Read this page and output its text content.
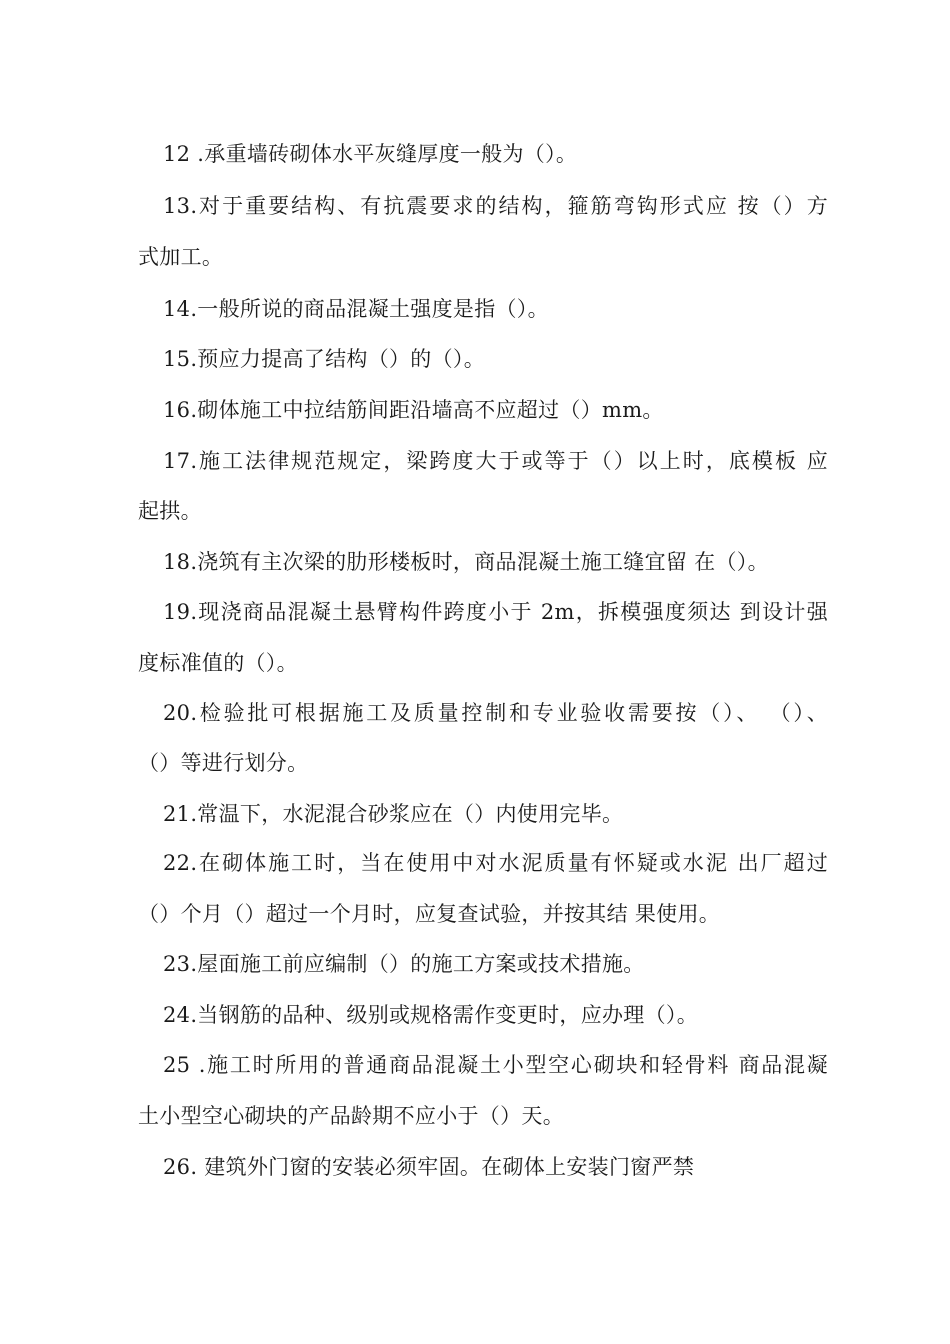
12 .承重墙砖砌体水平灰缝厚度一般为（）。
13.对于重要结构、有抗震要求的结构，箍筋弯钩形式应 按（）方
式加工。
14.一般所说的商品混凝土强度是指（）。
15.预应力提高了结构（）的（）。
16.砌体施工中拉结筋间距沿墙高不应超过（）mm。
17.施工法律规范规定，梁跨度大于或等于（）以上时，底模板 应
起拱。
18.浇筑有主次梁的肋形楼板时，商品混凝土施工缝宜留 在（）。
19.现浇商品混凝土悬臂构件跨度小于 2m，拆模强度须达 到设计强
度标准值的（）。
20.检验批可根据施工及质量控制和专业验收需要按（）、 （）、
（）等进行划分。
21.常温下，水泥混合砂浆应在（）内使用完毕。
22.在砌体施工时，当在使用中对水泥质量有怀疑或水泥 出厂超过
（）个月（）超过一个月时，应复查试验，并按其结 果使用。
23.屋面施工前应编制（）的施工方案或技术措施。
24.当钢筋的品种、级别或规格需作变更时，应办理（）。
25 .施工时所用的普通商品混凝土小型空心砌块和轻骨料 商品混凝
土小型空心砌块的产品龄期不应小于（）天。
26. 建筑外门窗的安装必须牢固。在砌体上安装门窗严禁
